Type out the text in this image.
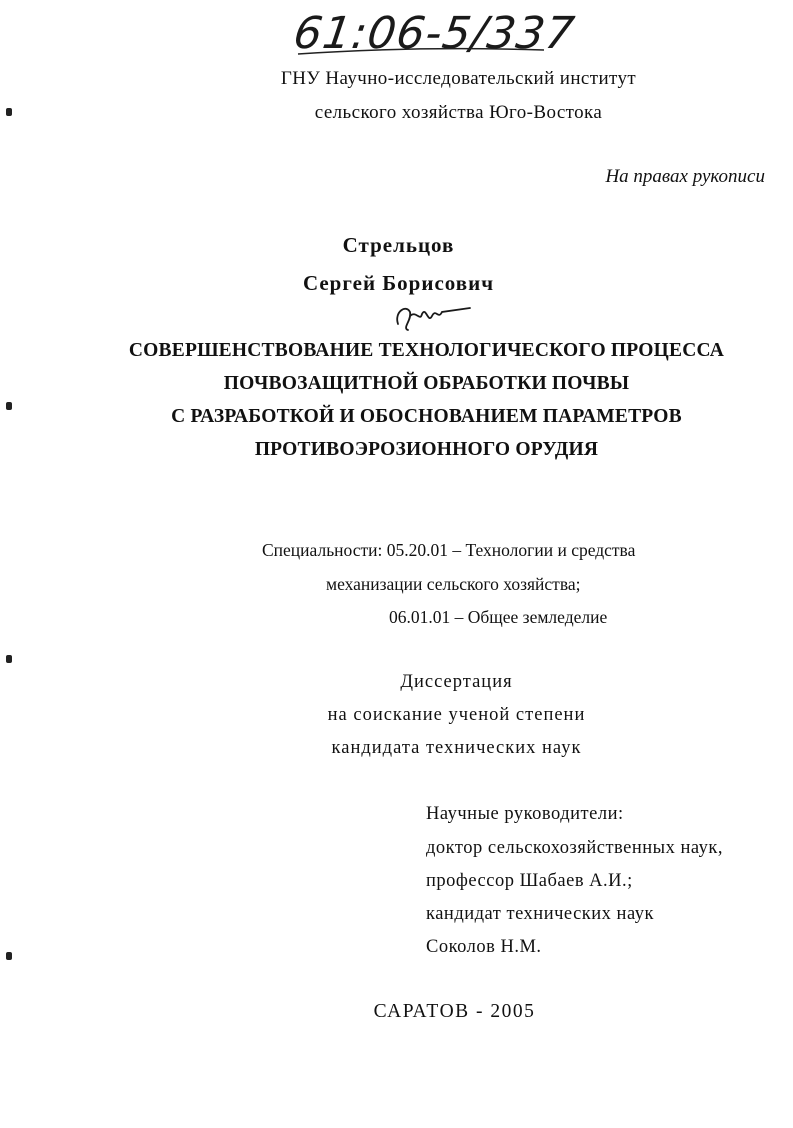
61:06-5/337
ГНУ Научно-исследовательский институт
сельского хозяйства Юго-Востока
На правах рукописи
Стрельцов
Сергей Борисович
СОВЕРШЕНСТВОВАНИЕ ТЕХНОЛОГИЧЕСКОГО ПРОЦЕССА
ПОЧВОЗАЩИТНОЙ ОБРАБОТКИ ПОЧВЫ
С РАЗРАБОТКОЙ И ОБОСНОВАНИЕМ ПАРАМЕТРОВ
ПРОТИВОЭРОЗИОННОГО ОРУДИЯ
Специальности: 05.20.01 – Технологии и средства
механизации сельского хозяйства;
06.01.01 – Общее земледелие
Диссертация
на соискание ученой степени
кандидата технических наук
Научные руководители:
доктор сельскохозяйственных наук,
профессор Шабаев А.И.;
кандидат технических наук
Соколов Н.М.
САРАТОВ - 2005
